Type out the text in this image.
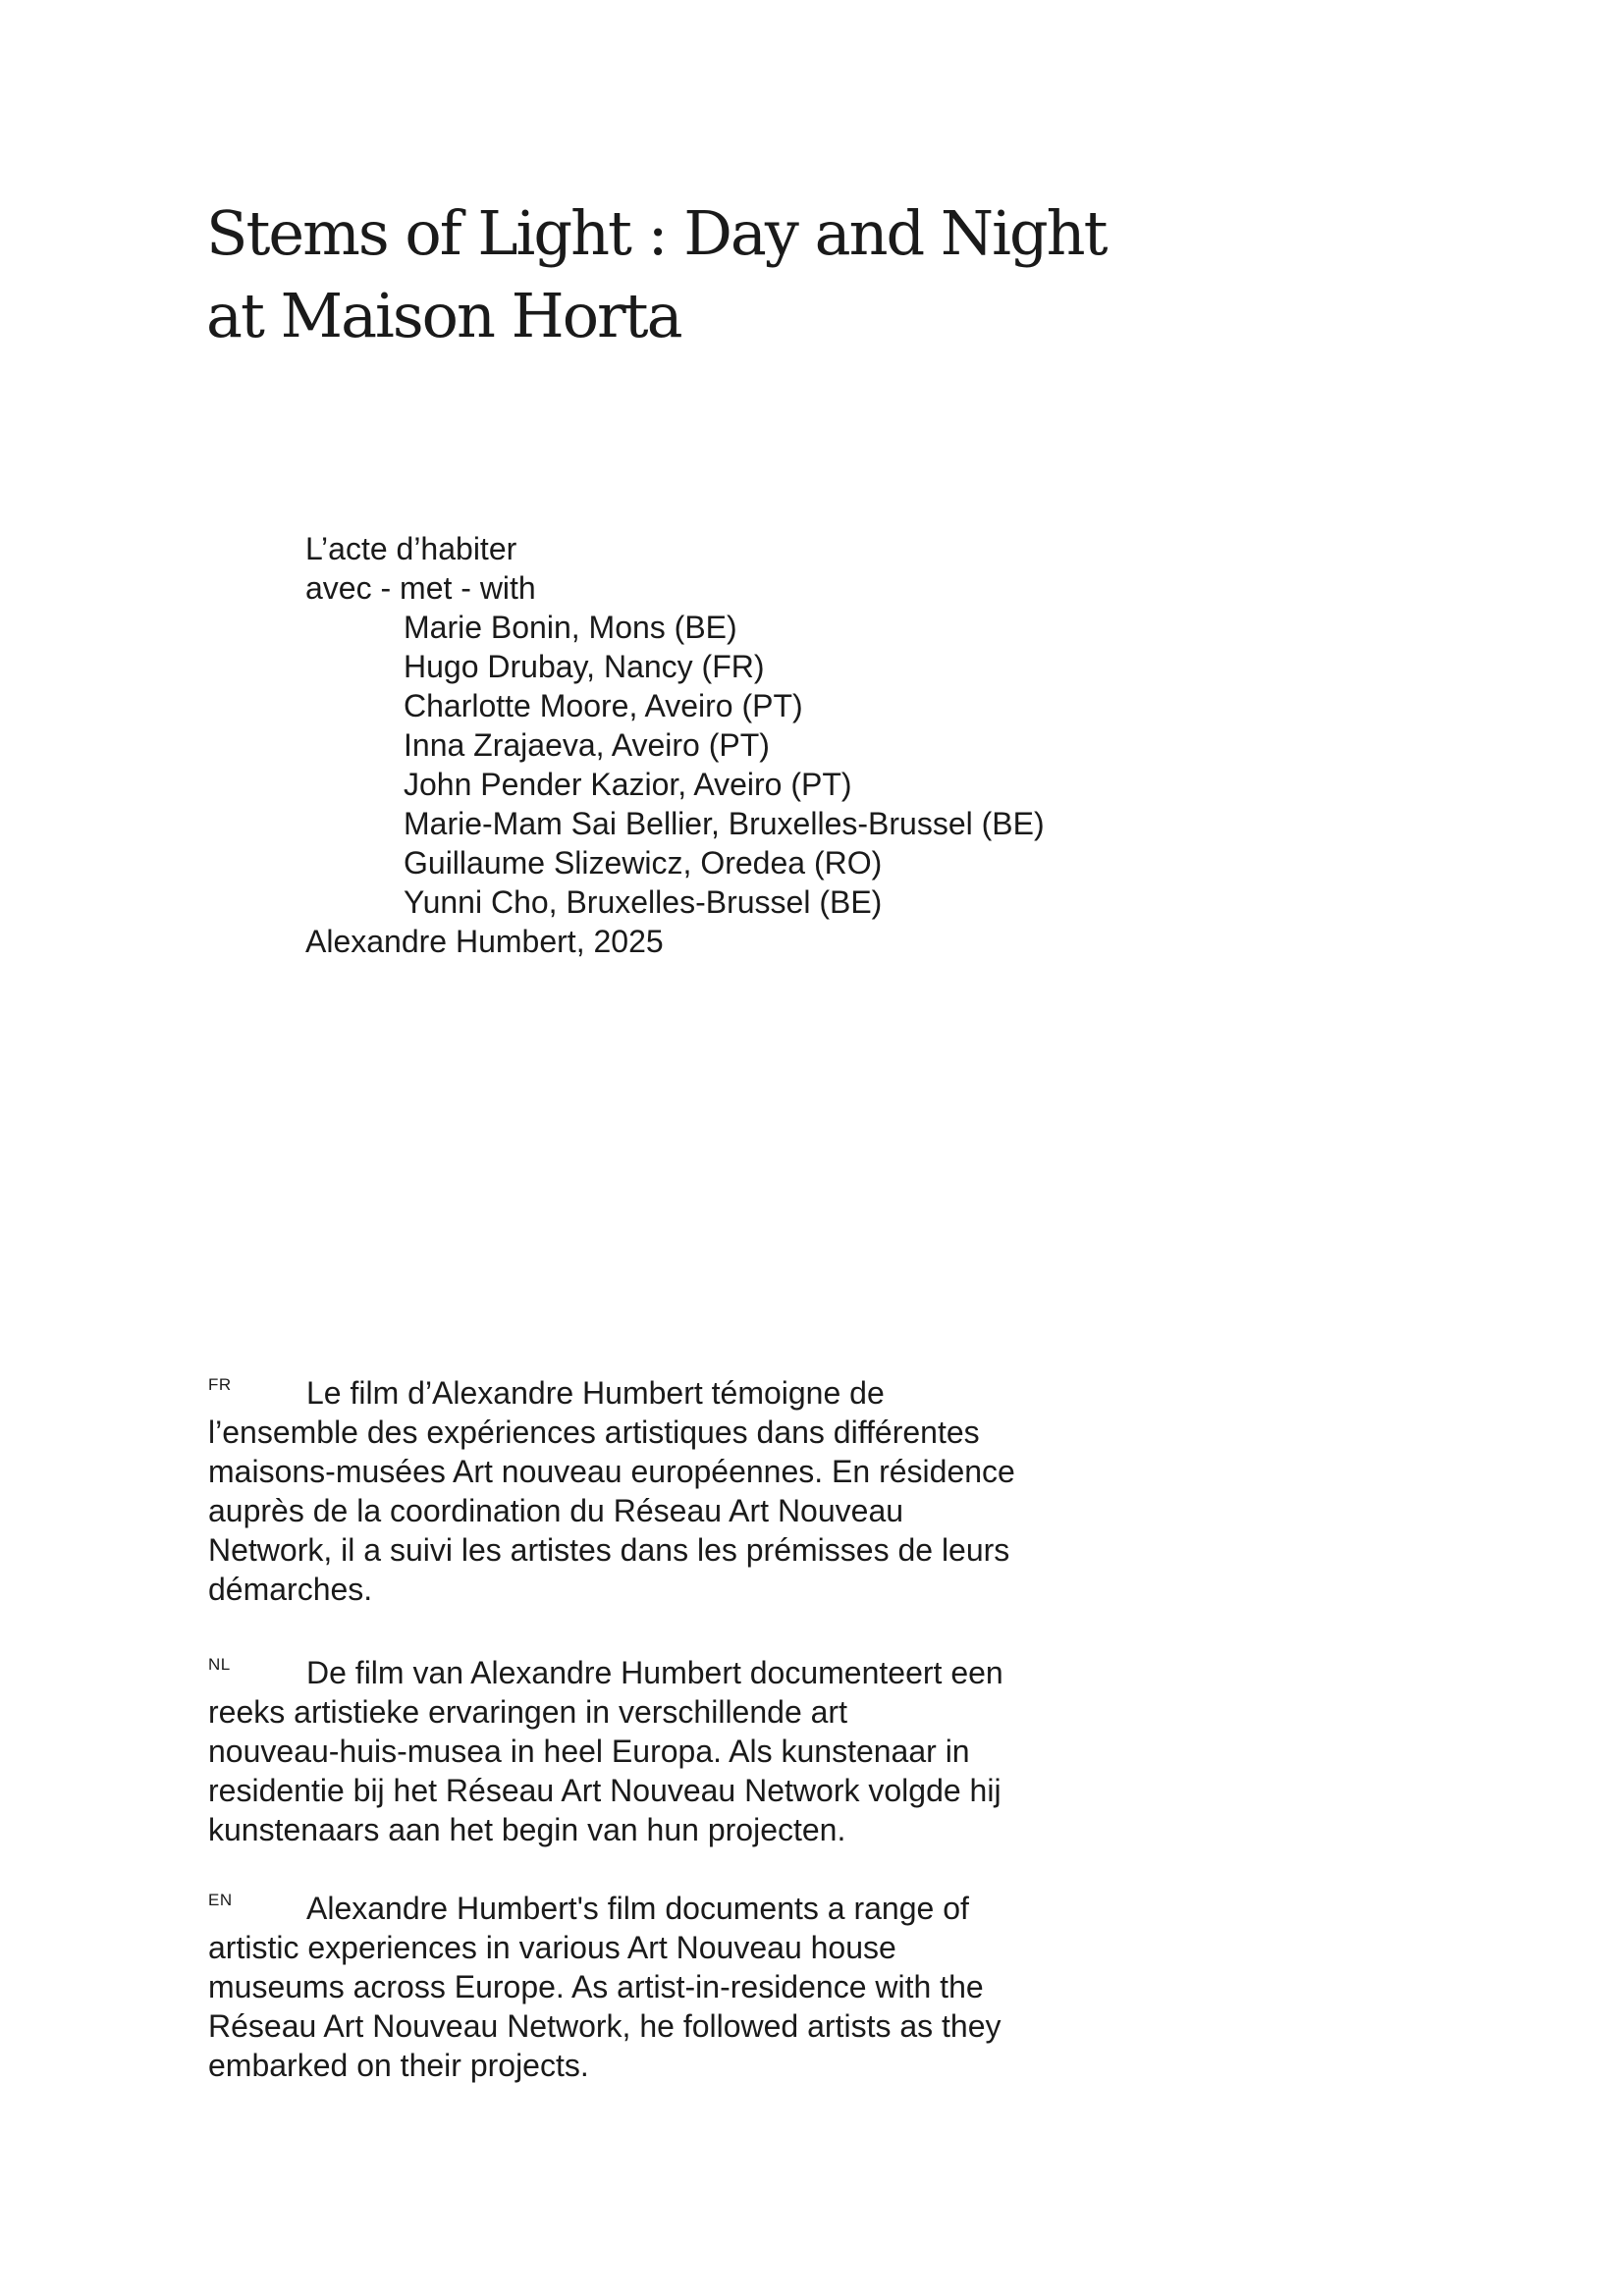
Stems of Light : Day and Night
at Maison Horta
L’acte d’habiter
avec - met - with
Marie Bonin, Mons (BE)
Hugo Drubay, Nancy (FR)
Charlotte Moore, Aveiro (PT)
Inna Zrajaeva, Aveiro (PT)
John Pender Kazior, Aveiro (PT)
Marie-Mam Sai Bellier, Bruxelles-Brussel (BE)
Guillaume Slizewicz, Oredea (RO)
Yunni Cho, Bruxelles-Brussel (BE)
Alexandre Humbert, 2025
FR Le film d’Alexandre Humbert témoigne de
l’ensemble des expériences artistiques dans différentes
maisons-musées Art nouveau européennes. En résidence
auprès de la coordination du Réseau Art Nouveau
Network, il a suivi les artistes dans les prémisses de leurs
démarches.
NL De film van Alexandre Humbert documenteert een
reeks artistieke ervaringen in verschillende art
nouveau-huis-musea in heel Europa. Als kunstenaar in
residentie bij het Réseau Art Nouveau Network volgde hij
kunstenaars aan het begin van hun projecten.
EN Alexandre Humbert's film documents a range of
artistic experiences in various Art Nouveau house
museums across Europe. As artist-in-residence with the
Réseau Art Nouveau Network, he followed artists as they
embarked on their projects.
